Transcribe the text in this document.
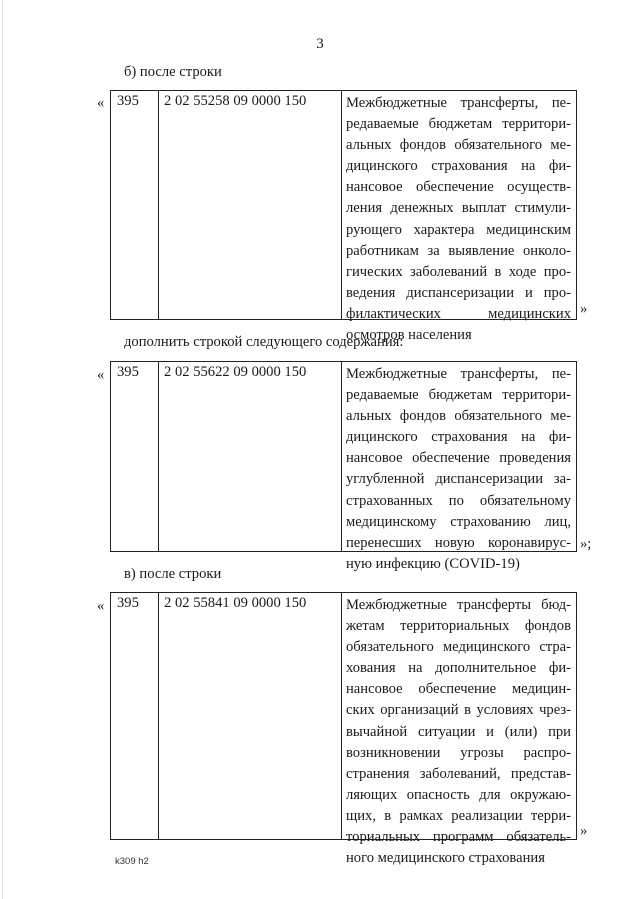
3
б) после строки
« 395	2 02 55258 09 0000 150	Межбюджетные трансферты, пе-
редаваемые бюджетам территори-
альных фондов обязательного ме-
дицинского страхования на фи-
нансовое обеспечение осуществ-
ления денежных выплат стимули-
рующего характера медицинским
работникам за выявление онколо-
гических заболеваний в ходе про-
ведения диспансеризации и про-
филактических медицинских
осмотров населения
»
дополнить строкой следующего содержания:
« 395	2 02 55622 09 0000 150	Межбюджетные трансферты, пе-
редаваемые бюджетам территори-
альных фондов обязательного ме-
дицинского страхования на фи-
нансовое обеспечение проведения
углубленной диспансеризации за-
страхованных по обязательному
медицинскому страхованию лиц,
перенесших новую коронавирус-
ную инфекцию (COVID-19)
»;
в) после строки
« 395	2 02 55841 09 0000 150	Межбюджетные трансферты бюд-
жетам территориальных фондов
обязательного медицинского стра-
хования на дополнительное фи-
нансовое обеспечение медицин-
ских организаций в условиях чрез-
вычайной ситуации и (или) при
возникновении угрозы распро-
странения заболеваний, представ-
ляющих опасность для окружаю-
щих, в рамках реализации терри-
ториальных программ обязатель-
ного медицинского страхования
»
k309 h2
